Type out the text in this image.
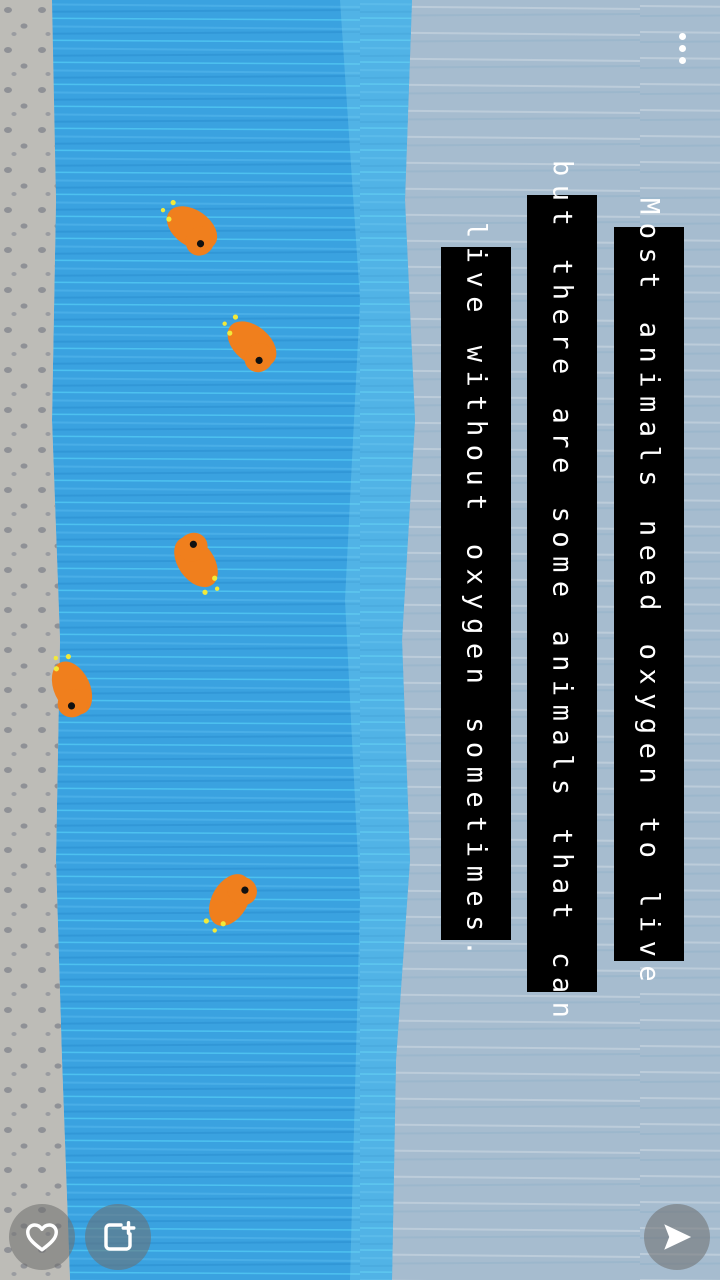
Most animals need oxygen to live
but there are some animals that can
live without oxygen sometimes.
